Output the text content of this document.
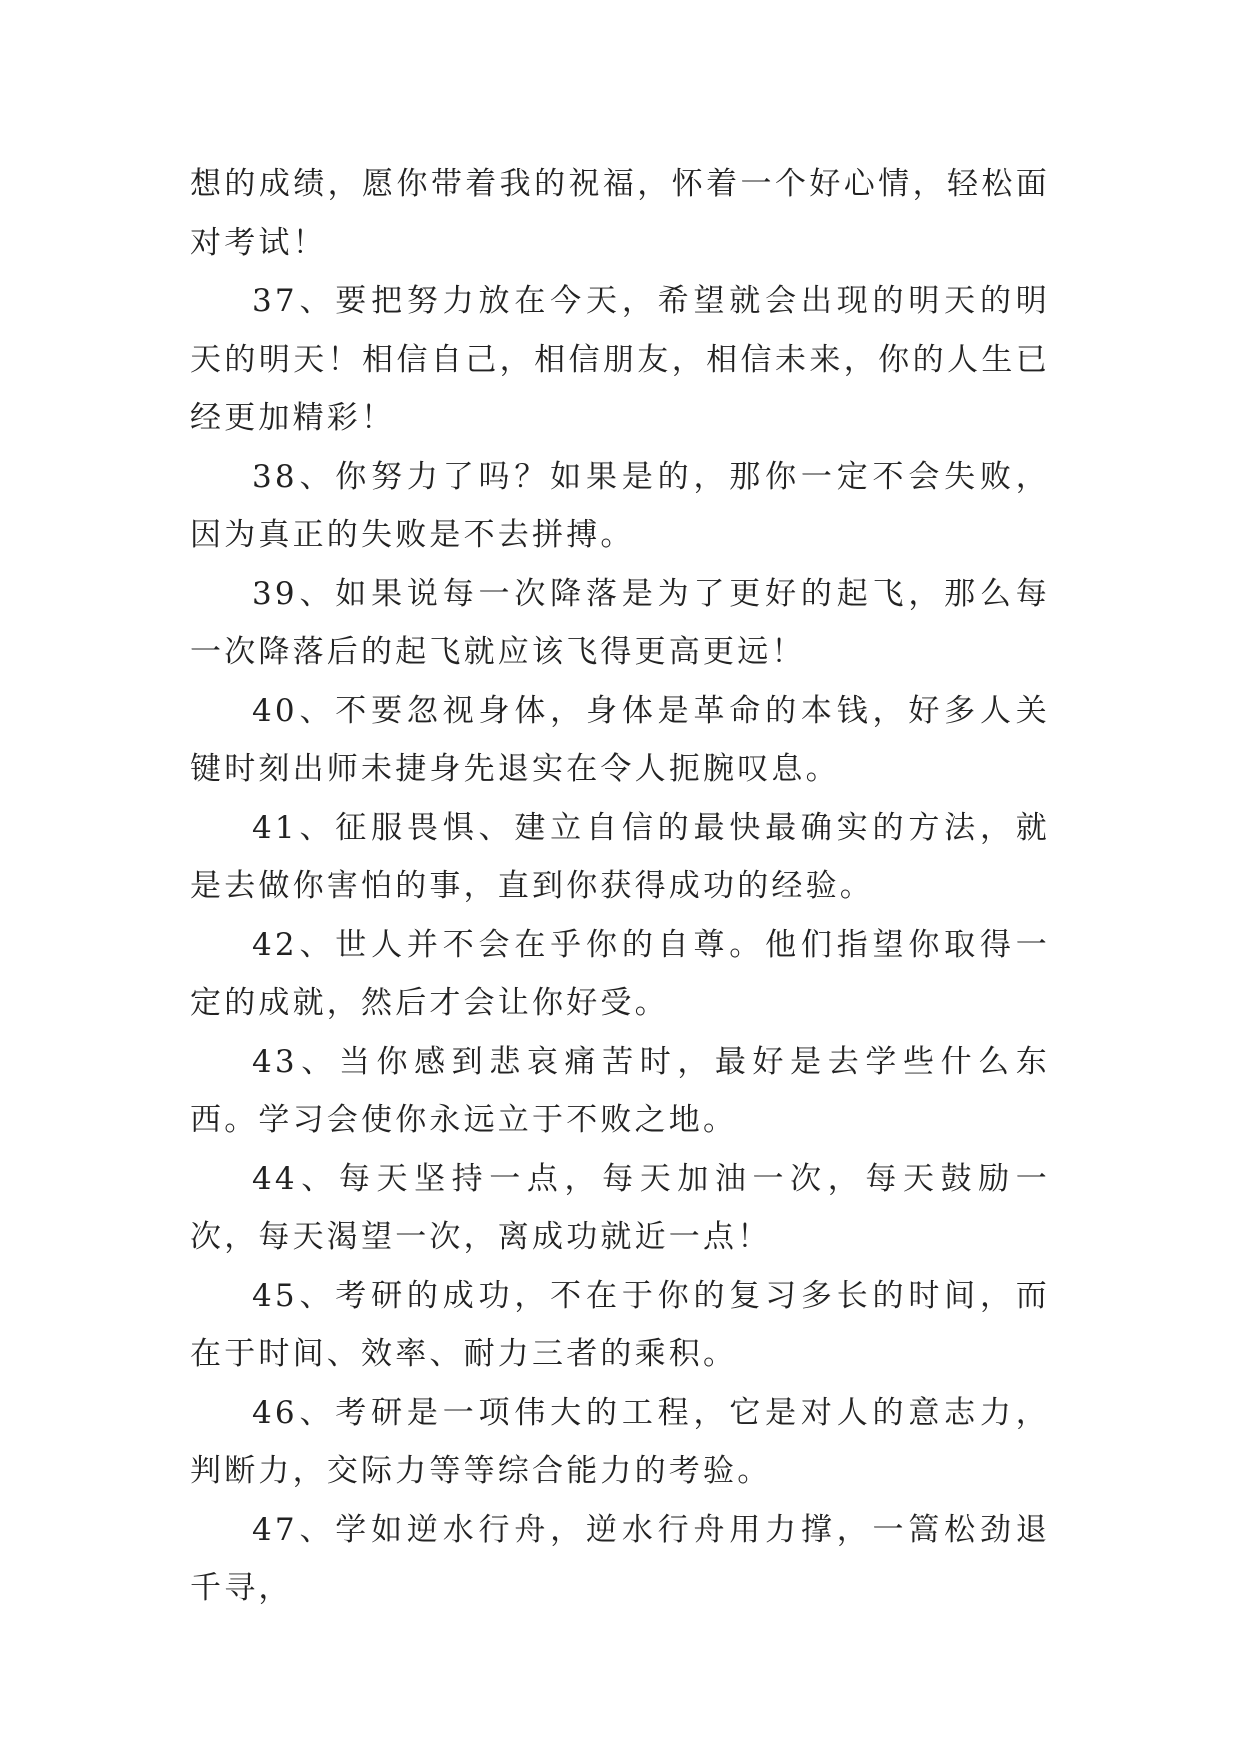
想的成绩，愿你带着我的祝福，怀着一个好心情，轻松面对考试！

37、要把努力放在今天，希望就会出现的明天的明天的明天！相信自己，相信朋友，相信未来，你的人生已经更加精彩！

38、你努力了吗？如果是的，那你一定不会失败，因为真正的失败是不去拼搏。

39、如果说每一次降落是为了更好的起飞，那么每一次降落后的起飞就应该飞得更高更远！

40、不要忽视身体，身体是革命的本钱，好多人关键时刻出师未捷身先退实在令人扼腕叹息。

41、征服畏惧、建立自信的最快最确实的方法，就是去做你害怕的事，直到你获得成功的经验。

42、世人并不会在乎你的自尊。他们指望你取得一定的成就，然后才会让你好受。

43、当你感到悲哀痛苦时，最好是去学些什么东西。学习会使你永远立于不败之地。

44、每天坚持一点，每天加油一次，每天鼓励一次，每天渴望一次，离成功就近一点！

45、考研的成功，不在于你的复习多长的时间，而在于时间、效率、耐力三者的乘积。

46、考研是一项伟大的工程，它是对人的意志力，判断力，交际力等等综合能力的考验。

47、学如逆水行舟，逆水行舟用力撑，一篙松劲退千寻，
